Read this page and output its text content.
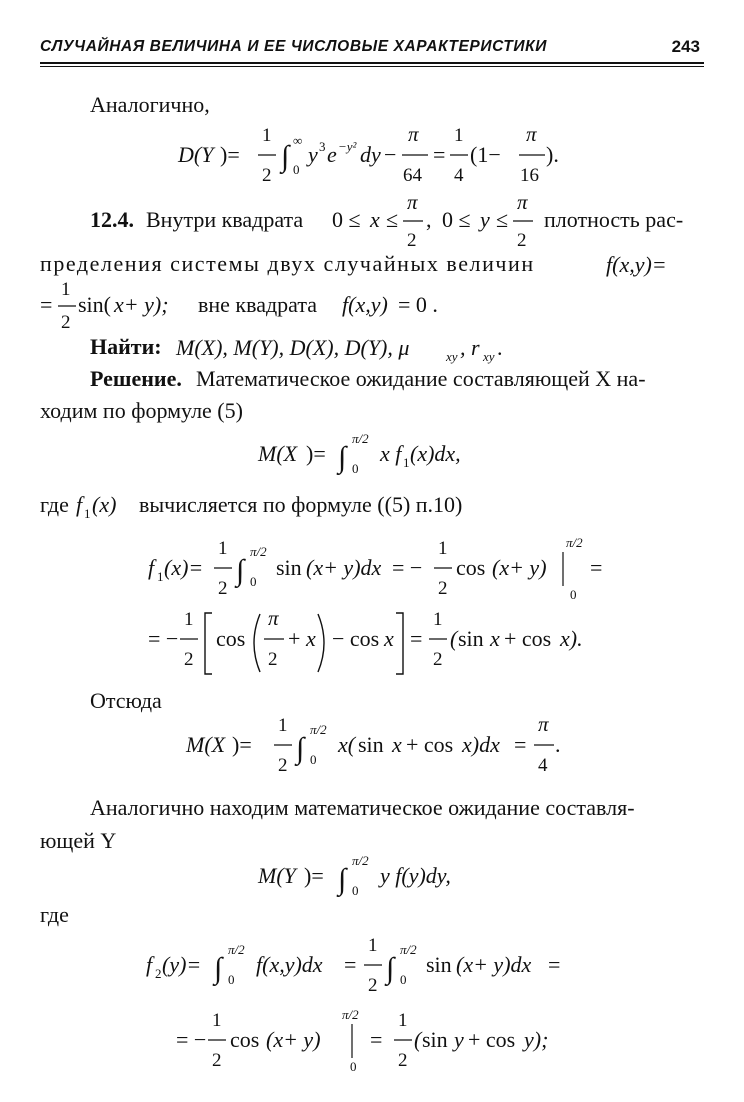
СЛУЧАЙНАЯ ВЕЛИЧИНА И ЕЕ ЧИСЛОВЫЕ ХАРАКТЕРИСТИКИ	243
Аналогично,
12.4. Внутри квадрата	плотность рас-
пределения системы двух случайных величин
вне квадрата
Найти:
Решение. Математическое ожидание составляющей X на-
ходим по формуле (5)
где	вычисляется по формуле ((5) п.10)
Отсюда
Аналогично находим математическое ожидание составля-
ющей Y
где
D(Y )=
1
2
∫ ∞
0
y 3 e −y² dy −
π
64
=
1
4
(1−
π
16
).
0 ≤ x ≤
π
2
, 0 ≤ y ≤
π
2
f(x,y)=
=
1
2
sin( x+ y);	f(x,y) = 0 .
M(X), M(Y), D(X), D(Y), μ	xy , r xy .
M(X )= ∫
π/2
0
x f 1 (x)dx,
f 1 (x)
f 1 (x)=
1
2
∫
π/2
0
sin (x+ y)dx = −
1
2
cos (x+ y)
π/2
0
=
= −
1
2
cos
π
2
+ x − cos x =
1
2
( sin x + cos x).
M(X )=
1
2
∫
π/2
0
x( sin x + cos x)dx =
π
4
.
M(Y )= ∫
π/2
0
y f(y)dy,
f 2 (y)= ∫
π/2
0
f(x,y)dx =
1
2
∫
π/2
0
sin (x+ y)dx =
= −
1
2
cos (x+ y)
π/2
0
=
1
2
( sin y + cos y);
